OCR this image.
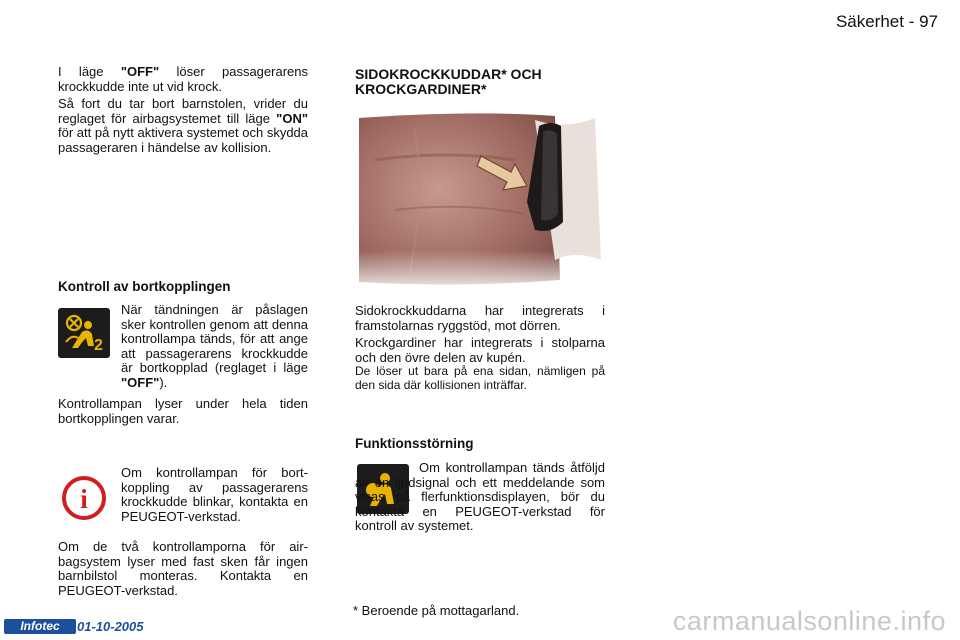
Säkerhet - 97
I läge "OFF" löser passagerarens krockkudde inte ut vid krock.
Så fort du tar bort barnstolen, vrider du reglaget för airbagsystemet till läge "ON" för att på nytt aktivera systemet och skydda passageraren i händelse av kollision.
Kontroll av bortkopplingen
2
När tändningen är påslagen sker kontrollen genom att denna kontrollampa tänds, för att ange att passagerarens krockkudde är bortkopplad (reglaget i läge "OFF").
Kontrollampan lyser under hela tiden bortkopplingen varar.
i
Om kontrollampan för bortkoppling av passagerarens krockkudde blinkar, kontakta en PEUGEOT-verkstad.
Om de två kontrollamporna för airbagsystem lyser med fast sken får ingen barnbilstol monteras. Kontakta en PEUGEOT-verkstad.
SIDOKROCKKUDDAR* OCH KROCKGARDINER*
Sidokrockkuddarna har integrerats i framstolarnas ryggstöd, mot dörren.
Krockgardiner har integrerats i stolparna och den övre delen av kupén.
De löser ut bara på ena sidan, nämligen på den sida där kollisionen inträffar.
Funktionsstörning
Om kontrollampan tänds åtföljd av en ljudsignal och ett meddelande som visas på flerfunktionsdisplayen, bör du kontakta en PEUGEOT-verkstad för kontroll av systemet.
* Beroende på mottagarland.
Infotec	01-10-2005	carmanualsonline.info
